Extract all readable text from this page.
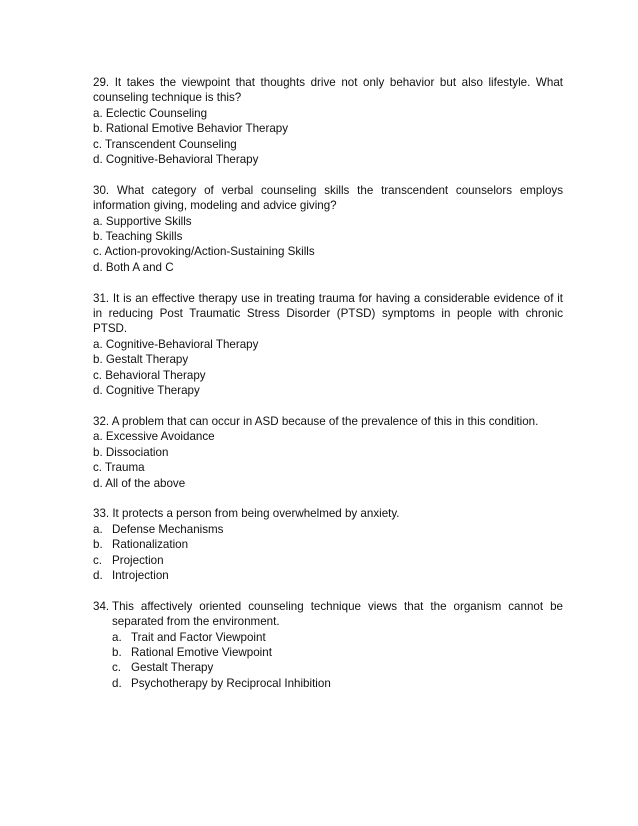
29. It takes the viewpoint that thoughts drive not only behavior but also lifestyle. What counseling technique is this?
a. Eclectic Counseling
b. Rational Emotive Behavior Therapy
c. Transcendent Counseling
d. Cognitive-Behavioral Therapy
30. What category of verbal counseling skills the transcendent counselors employs information giving, modeling and advice giving?
a. Supportive Skills
b. Teaching Skills
c. Action-provoking/Action-Sustaining Skills
d. Both A and C
31. It is an effective therapy use in treating trauma for having a considerable evidence of it in reducing Post Traumatic Stress Disorder (PTSD) symptoms in people with chronic PTSD.
a. Cognitive-Behavioral Therapy
b. Gestalt Therapy
c. Behavioral Therapy
d. Cognitive Therapy
32. A problem that can occur in ASD because of the prevalence of this in this condition.
a. Excessive Avoidance
b. Dissociation
c. Trauma
d. All of the above
33. It protects a person from being overwhelmed by anxiety.
a. Defense Mechanisms
b. Rationalization
c. Projection
d. Introjection
34. This affectively oriented counseling technique views that the organism cannot be separated from the environment.
a. Trait and Factor Viewpoint
b. Rational Emotive Viewpoint
c. Gestalt Therapy
d. Psychotherapy by Reciprocal Inhibition
